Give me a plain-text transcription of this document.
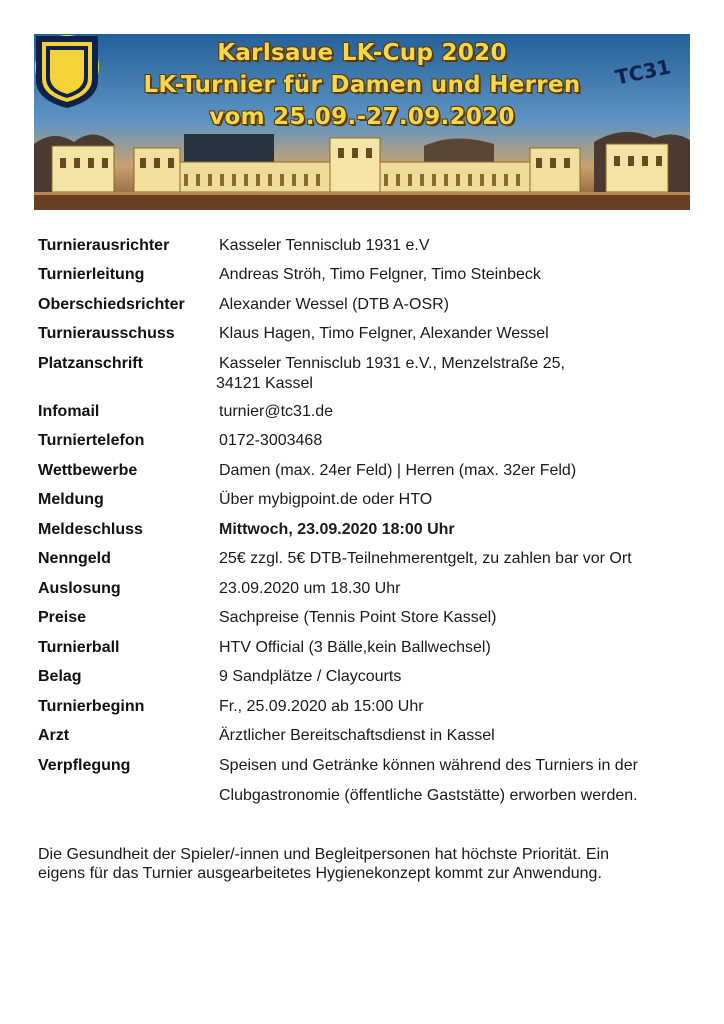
TC31
Karlsaue LK-Cup 2020
LK-Turnier für Damen und Herren
vom 25.09.-27.09.2020
Turnierausrichter	Kasseler Tennisclub 1931 e.V
Turnierleitung	Andreas Ströh, Timo Felgner, Timo Steinbeck
Oberschiedsrichter	Alexander Wessel (DTB A-OSR)
Turnierausschuss	Klaus Hagen, Timo Felgner, Alexander Wessel
Platzanschrift	Kasseler Tennisclub 1931 e.V., Menzelstraße 25,
34121 Kassel
Infomail	turnier@tc31.de
Turniertelefon	0172-3003468
Wettbewerbe	Damen (max. 24er Feld) | Herren (max. 32er Feld)
Meldung	Über mybigpoint.de oder HTO
Meldeschluss	Mittwoch, 23.09.2020 18:00 Uhr
Nenngeld	25€ zzgl. 5€ DTB-Teilnehmerentgelt, zu zahlen bar vor Ort
Auslosung	23.09.2020 um 18.30 Uhr
Preise	Sachpreise (Tennis Point Store Kassel)
Turnierball	HTV Official (3 Bälle,kein Ballwechsel)
Belag	9 Sandplätze / Claycourts
Turnierbeginn	Fr., 25.09.2020 ab 15:00 Uhr
Arzt	Ärztlicher Bereitschaftsdienst in Kassel
Verpflegung	Speisen und Getränke können während des Turniers in der
Clubgastronomie (öffentliche Gaststätte) erworben werden.

Die Gesundheit der Spieler/-innen und Begleitpersonen hat höchste Priorität. Ein

eigens für das Turnier ausgearbeitetes Hygienekonzept kommt zur Anwendung.
